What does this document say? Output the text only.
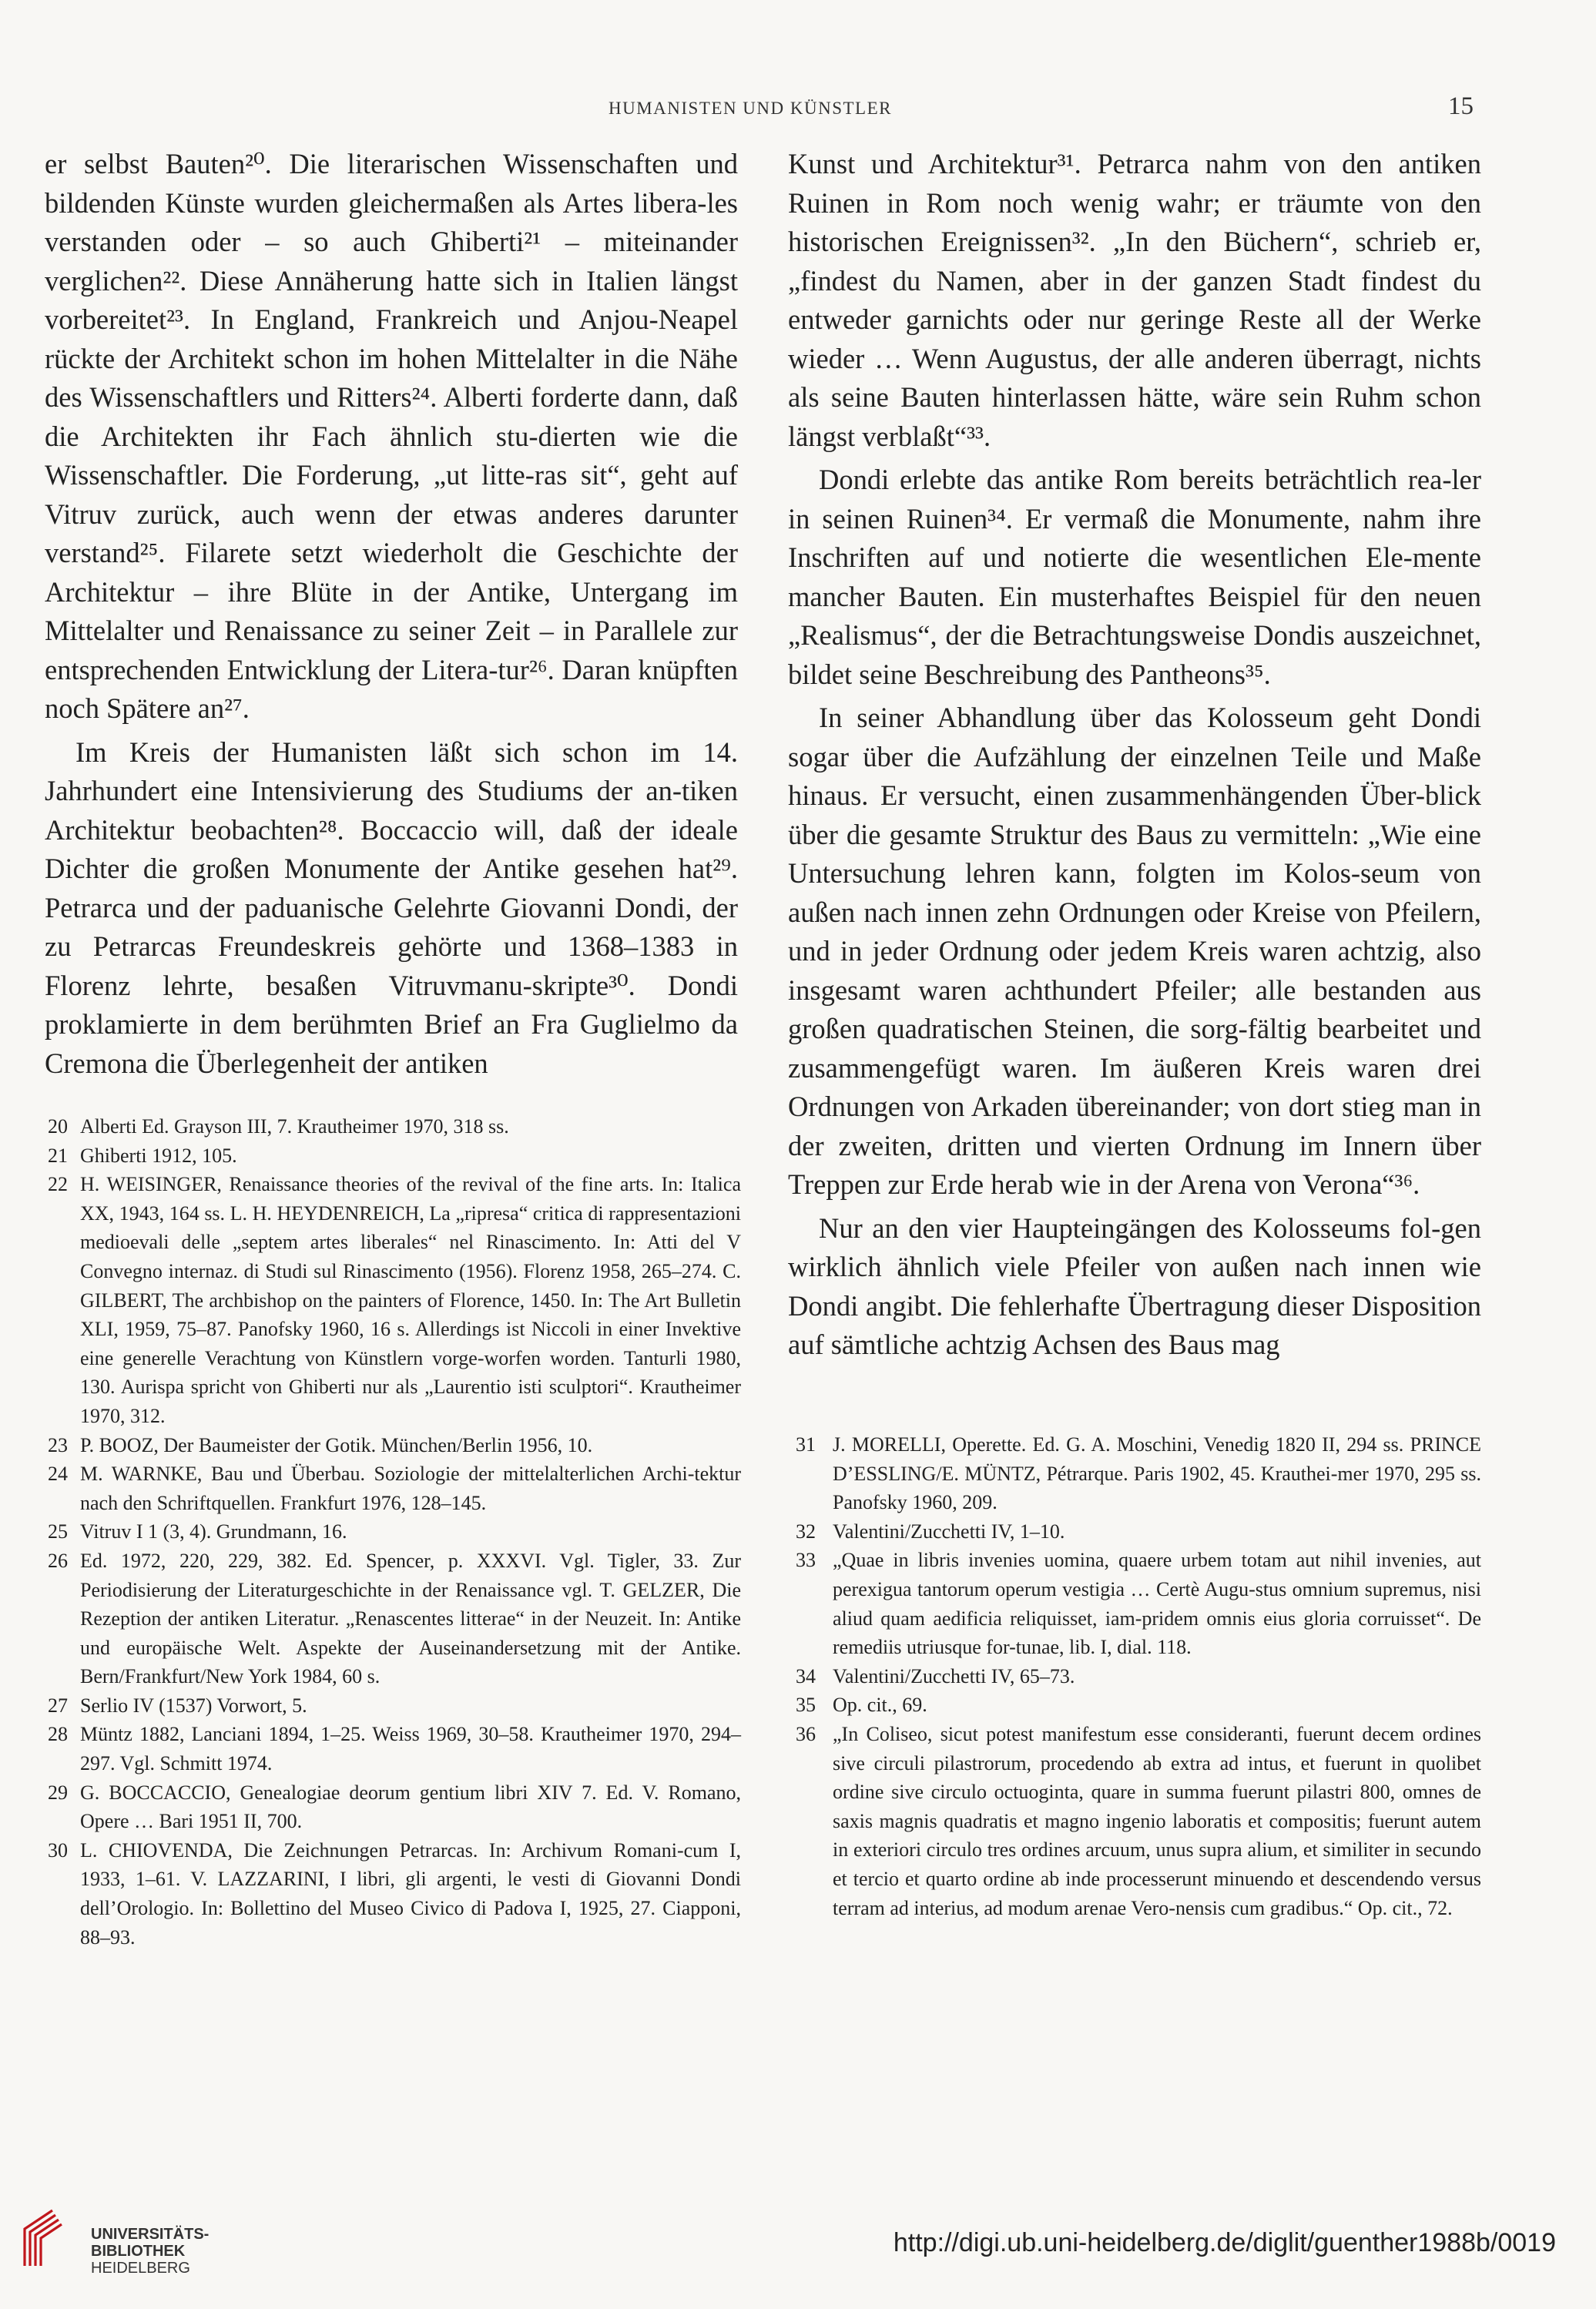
HUMANISTEN UND KÜNSTLER	15

er selbst Bauten²⁰. Die literarischen Wissenschaften und bildenden Künste wurden gleichermaßen als Artes libera-les verstanden oder – so auch Ghiberti²¹ – miteinander verglichen²². Diese Annäherung hatte sich in Italien längst vorbereitet²³. In England, Frankreich und Anjou-Neapel rückte der Architekt schon im hohen Mittelalter in die Nähe des Wissenschaftlers und Ritters²⁴. Alberti forderte dann, daß die Architekten ihr Fach ähnlich stu-dierten wie die Wissenschaftler. Die Forderung, „ut litte-ras sit“, geht auf Vitruv zurück, auch wenn der etwas anderes darunter verstand²⁵. Filarete setzt wiederholt die Geschichte der Architektur – ihre Blüte in der Antike, Untergang im Mittelalter und Renaissance zu seiner Zeit – in Parallele zur entsprechenden Entwicklung der Litera-tur²⁶. Daran knüpften noch Spätere an²⁷.

Im Kreis der Humanisten läßt sich schon im 14. Jahrhundert eine Intensivierung des Studiums der an-tiken Architektur beobachten²⁸. Boccaccio will, daß der ideale Dichter die großen Monumente der Antike gesehen hat²⁹. Petrarca und der paduanische Gelehrte Giovanni Dondi, der zu Petrarcas Freundeskreis gehörte und 1368–1383 in Florenz lehrte, besaßen Vitruvmanu-skripte³⁰. Dondi proklamierte in dem berühmten Brief an Fra Guglielmo da Cremona die Überlegenheit der antiken

Kunst und Architektur³¹. Petrarca nahm von den antiken Ruinen in Rom noch wenig wahr; er träumte von den historischen Ereignissen³². „In den Büchern“, schrieb er, „findest du Namen, aber in der ganzen Stadt findest du entweder garnichts oder nur geringe Reste all der Werke wieder … Wenn Augustus, der alle anderen überragt, nichts als seine Bauten hinterlassen hätte, wäre sein Ruhm schon längst verblaßt“³³.

Dondi erlebte das antike Rom bereits beträchtlich rea-ler in seinen Ruinen³⁴. Er vermaß die Monumente, nahm ihre Inschriften auf und notierte die wesentlichen Ele-mente mancher Bauten. Ein musterhaftes Beispiel für den neuen „Realismus“, der die Betrachtungsweise Dondis auszeichnet, bildet seine Beschreibung des Pantheons³⁵.

In seiner Abhandlung über das Kolosseum geht Dondi sogar über die Aufzählung der einzelnen Teile und Maße hinaus. Er versucht, einen zusammenhängenden Über-blick über die gesamte Struktur des Baus zu vermitteln: „Wie eine Untersuchung lehren kann, folgten im Kolos-seum von außen nach innen zehn Ordnungen oder Kreise von Pfeilern, und in jeder Ordnung oder jedem Kreis waren achtzig, also insgesamt waren achthundert Pfeiler; alle bestanden aus großen quadratischen Steinen, die sorg-fältig bearbeitet und zusammengefügt waren. Im äußeren Kreis waren drei Ordnungen von Arkaden übereinander; von dort stieg man in der zweiten, dritten und vierten Ordnung im Innern über Treppen zur Erde herab wie in der Arena von Verona“³⁶.

Nur an den vier Haupteingängen des Kolosseums fol-gen wirklich ähnlich viele Pfeiler von außen nach innen wie Dondi angibt. Die fehlerhafte Übertragung dieser Disposition auf sämtliche achtzig Achsen des Baus mag

20 Alberti Ed. Grayson III, 7. Krautheimer 1970, 318 ss.
21 Ghiberti 1912, 105.
22 H. WEISINGER, Renaissance theories of the revival of the fine arts. In: Italica XX, 1943, 164 ss. L. H. HEYDENREICH, La „ripresa“ critica di rappresentazioni medioevali delle „septem artes liberales“ nel Rinascimento. In: Atti del V Convegno internaz. di Studi sul Rinascimento (1956). Florenz 1958, 265–274. C. GILBERT, The archbishop on the painters of Florence, 1450. In: The Art Bulletin XLI, 1959, 75–87. Panofsky 1960, 16 s. Allerdings ist Niccoli in einer Invektive eine generelle Verachtung von Künstlern vorge-worfen worden. Tanturli 1980, 130. Aurispa spricht von Ghiberti nur als „Laurentio isti sculptori“. Krautheimer 1970, 312.
23 P. BOOZ, Der Baumeister der Gotik. München/Berlin 1956, 10.
24 M. WARNKE, Bau und Überbau. Soziologie der mittelalterlichen Archi-tektur nach den Schriftquellen. Frankfurt 1976, 128–145.
25 Vitruv I 1 (3, 4). Grundmann, 16.
26 Ed. 1972, 220, 229, 382. Ed. Spencer, p. XXXVI. Vgl. Tigler, 33. Zur Periodisierung der Literaturgeschichte in der Renaissance vgl. T. GELZER, Die Rezeption der antiken Literatur. „Renascentes litterae“ in der Neuzeit. In: Antike und europäische Welt. Aspekte der Auseinandersetzung mit der Antike. Bern/Frankfurt/New York 1984, 60 s.
27 Serlio IV (1537) Vorwort, 5.
28 Müntz 1882, Lanciani 1894, 1–25. Weiss 1969, 30–58. Krautheimer 1970, 294–297. Vgl. Schmitt 1974.
29 G. BOCCACCIO, Genealogiae deorum gentium libri XIV 7. Ed. V. Romano, Opere … Bari 1951 II, 700.
30 L. CHIOVENDA, Die Zeichnungen Petrarcas. In: Archivum Romani-cum I, 1933, 1–61. V. LAZZARINI, I libri, gli argenti, le vesti di Giovanni Dondi dell’Orologio. In: Bollettino del Museo Civico di Padova I, 1925, 27. Ciapponi, 88–93.
31 J. MORELLI, Operette. Ed. G. A. Moschini, Venedig 1820 II, 294 ss. PRINCE D’ESSLING/E. MÜNTZ, Pétrarque. Paris 1902, 45. Krauthei-mer 1970, 295 ss. Panofsky 1960, 209.
32 Valentini/Zucchetti IV, 1–10.
33 „Quae in libris invenies uomina, quaere urbem totam aut nihil invenies, aut perexigua tantorum operum vestigia … Certè Augu-stus omnium supremus, nisi aliud quam aedificia reliquisset, iam-pridem omnis eius gloria corruisset“. De remediis utriusque for-tunae, lib. I, dial. 118.
34 Valentini/Zucchetti IV, 65–73.
35 Op. cit., 69.
36 „In Coliseo, sicut potest manifestum esse consideranti, fuerunt decem ordines sive circuli pilastrorum, procedendo ab extra ad intus, et fuerunt in quolibet ordine sive circulo octuoginta, quare in summa fuerunt pilastri 800, omnes de saxis magnis quadratis et magno ingenio laboratis et compositis; fuerunt autem in exteriori circulo tres ordines arcuum, unus supra alium, et similiter in secundo et tercio et quarto ordine ab inde processerunt minuendo et descendendo versus terram ad interius, ad modum arenae Vero-nensis cum gradibus.“ Op. cit., 72.
UNIVERSITÄTS-
BIBLIOTHEK
HEIDELBERG
http://digi.ub.uni-heidelberg.de/diglit/guenther1988b/0019
